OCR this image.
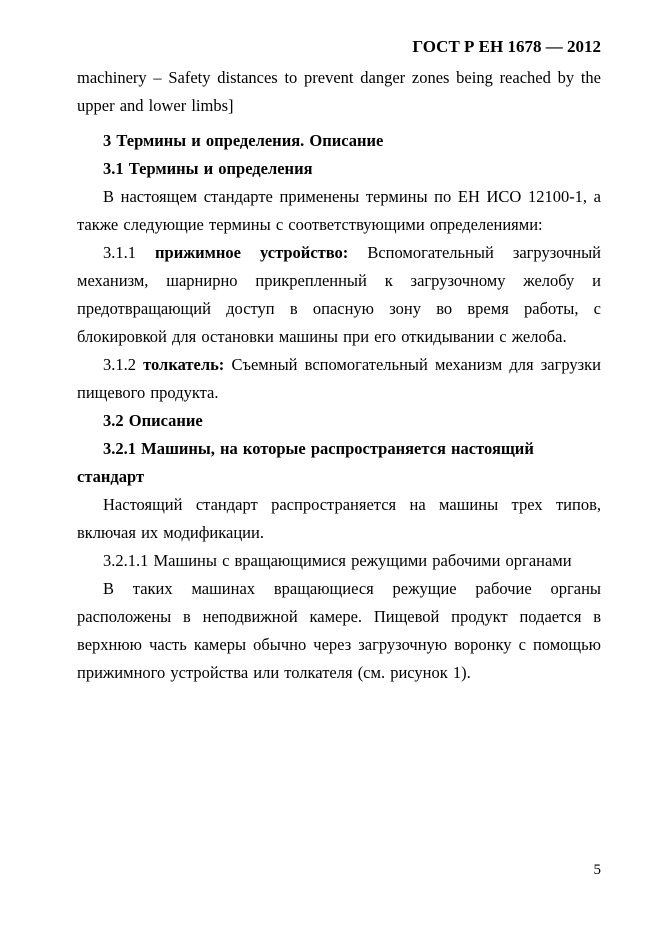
ГОСТ Р ЕН 1678 — 2012

machinery – Safety distances to prevent danger zones being reached by the upper and lower limbs]

3 Термины и определения. Описание

3.1 Термины и определения

В настоящем стандарте применены термины по ЕН ИСО 12100-1, а также следующие термины с соответствующими определениями:

3.1.1 прижимное устройство: Вспомогательный загрузочный механизм, шарнирно прикрепленный к загрузочному желобу и предотвращающий доступ в опасную зону во время работы, с блокировкой для остановки машины при его откидывании с желоба.

3.1.2 толкатель: Съемный вспомогательный механизм для загрузки пищевого продукта.

3.2 Описание

3.2.1 Машины, на которые распространяется настоящий стандарт

Настоящий стандарт распространяется на машины трех типов, включая их модификации.

3.2.1.1 Машины с вращающимися режущими рабочими органами

В таких машинах вращающиеся режущие рабочие органы расположены в неподвижной камере. Пищевой продукт подается в верхнюю часть камеры обычно через загрузочную воронку с помощью прижимного устройства или толкателя (см. рисунок 1).

5
